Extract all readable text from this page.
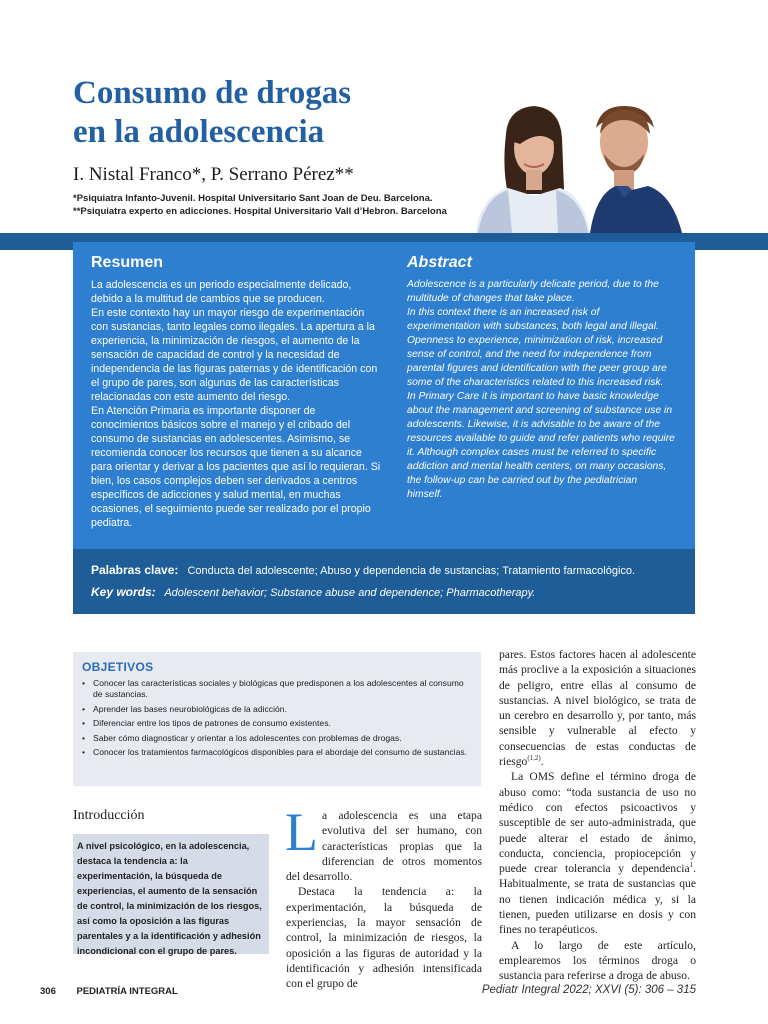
Consumo de drogas
en la adolescencia
I. Nistal Franco*, P. Serrano Pérez**
*Psiquiatra Infanto-Juvenil. Hospital Universitario Sant Joan de Deu. Barcelona.
**Psiquiatra experto en adicciones. Hospital Universitario Vall d’Hebron. Barcelona
Resumen
La adolescencia es un periodo especialmente delicado, debido a la multitud de cambios que se producen.
En este contexto hay un mayor riesgo de experimentación con sustancias, tanto legales como ilegales. La apertura a la experiencia, la minimización de riesgos, el aumento de la sensación de capacidad de control y la necesidad de independencia de las figuras paternas y de identificación con el grupo de pares, son algunas de las características relacionadas con este aumento del riesgo.
En Atención Primaria es importante disponer de conocimientos básicos sobre el manejo y el cribado del consumo de sustancias en adolescentes. Asimismo, se recomienda conocer los recursos que tienen a su alcance para orientar y derivar a los pacientes que así lo requieran. Si bien, los casos complejos deben ser derivados a centros específicos de adicciones y salud mental, en muchas ocasiones, el seguimiento puede ser realizado por el propio pediatra.
Abstract
Adolescence is a particularly delicate period, due to the multitude of changes that take place.
In this context there is an increased risk of experimentation with substances, both legal and illegal. Openness to experience, minimization of risk, increased sense of control, and the need for independence from parental figures and identification with the peer group are some of the characteristics related to this increased risk.
In Primary Care it is important to have basic knowledge about the management and screening of substance use in adolescents. Likewise, it is advisable to be aware of the resources available to guide and refer patients who require it. Although complex cases must be referred to specific addiction and mental health centers, on many occasions, the follow-up can be carried out by the pediatrician himself.
Palabras clave: Conducta del adolescente; Abuso y dependencia de sustancias; Tratamiento farmacológico.
Key words: Adolescent behavior; Substance abuse and dependence; Pharmacotherapy.
OBJETIVOS
• Conocer las características sociales y biológicas que predisponen a los adolescentes al consumo de sustancias.
• Aprender las bases neurobiológicas de la adicción.
• Diferenciar entre los tipos de patrones de consumo existentes.
• Saber cómo diagnosticar y orientar a los adolescentes con problemas de drogas.
• Conocer los tratamientos farmacológicos disponibles para el abordaje del consumo de sustancias.
Introducción
A nivel psicológico, en la adolescencia, destaca la tendencia a: la experimentación, la búsqueda de experiencias, el aumento de la sensación de control, la minimización de los riesgos, así como la oposición a las figuras parentales y a la identificación y adhesión incondicional con el grupo de pares.

La adolescencia es una etapa evolutiva del ser humano, con características propias que la diferencian de otros momentos del desarrollo.

Destaca la tendencia a: la experimentación, la búsqueda de experiencias, la mayor sensación de control, la minimización de riesgos, la oposición a las figuras de autoridad y la identificación y adhesión intensificada con el grupo de

pares. Estos factores hacen al adolescente más proclive a la exposición a situaciones de peligro, entre ellas al consumo de sustancias. A nivel biológico, se trata de un cerebro en desarrollo y, por tanto, más sensible y vulnerable al efecto y consecuencias de estas conductas de riesgo$^{(1,2)}$.

La OMS define el término droga de abuso como: “toda sustancia de uso no médico con efectos psicoactivos y susceptible de ser auto-administrada, que puede alterar el estado de ánimo, conducta, conciencia, propiocepción y puede crear tolerancia y dependencia$^1$. Habitualmente, se trata de sustancias que no tienen indicación médica y, si la tienen, pueden utilizarse en dosis y con fines no terapéuticos.

A lo largo de este artículo, emplearemos los términos droga o sustancia para referirse a droga de abuso.

306 PEDIATRÍA INTEGRAL	Pediatr Integral 2022; XXVI (5): 306 – 315
